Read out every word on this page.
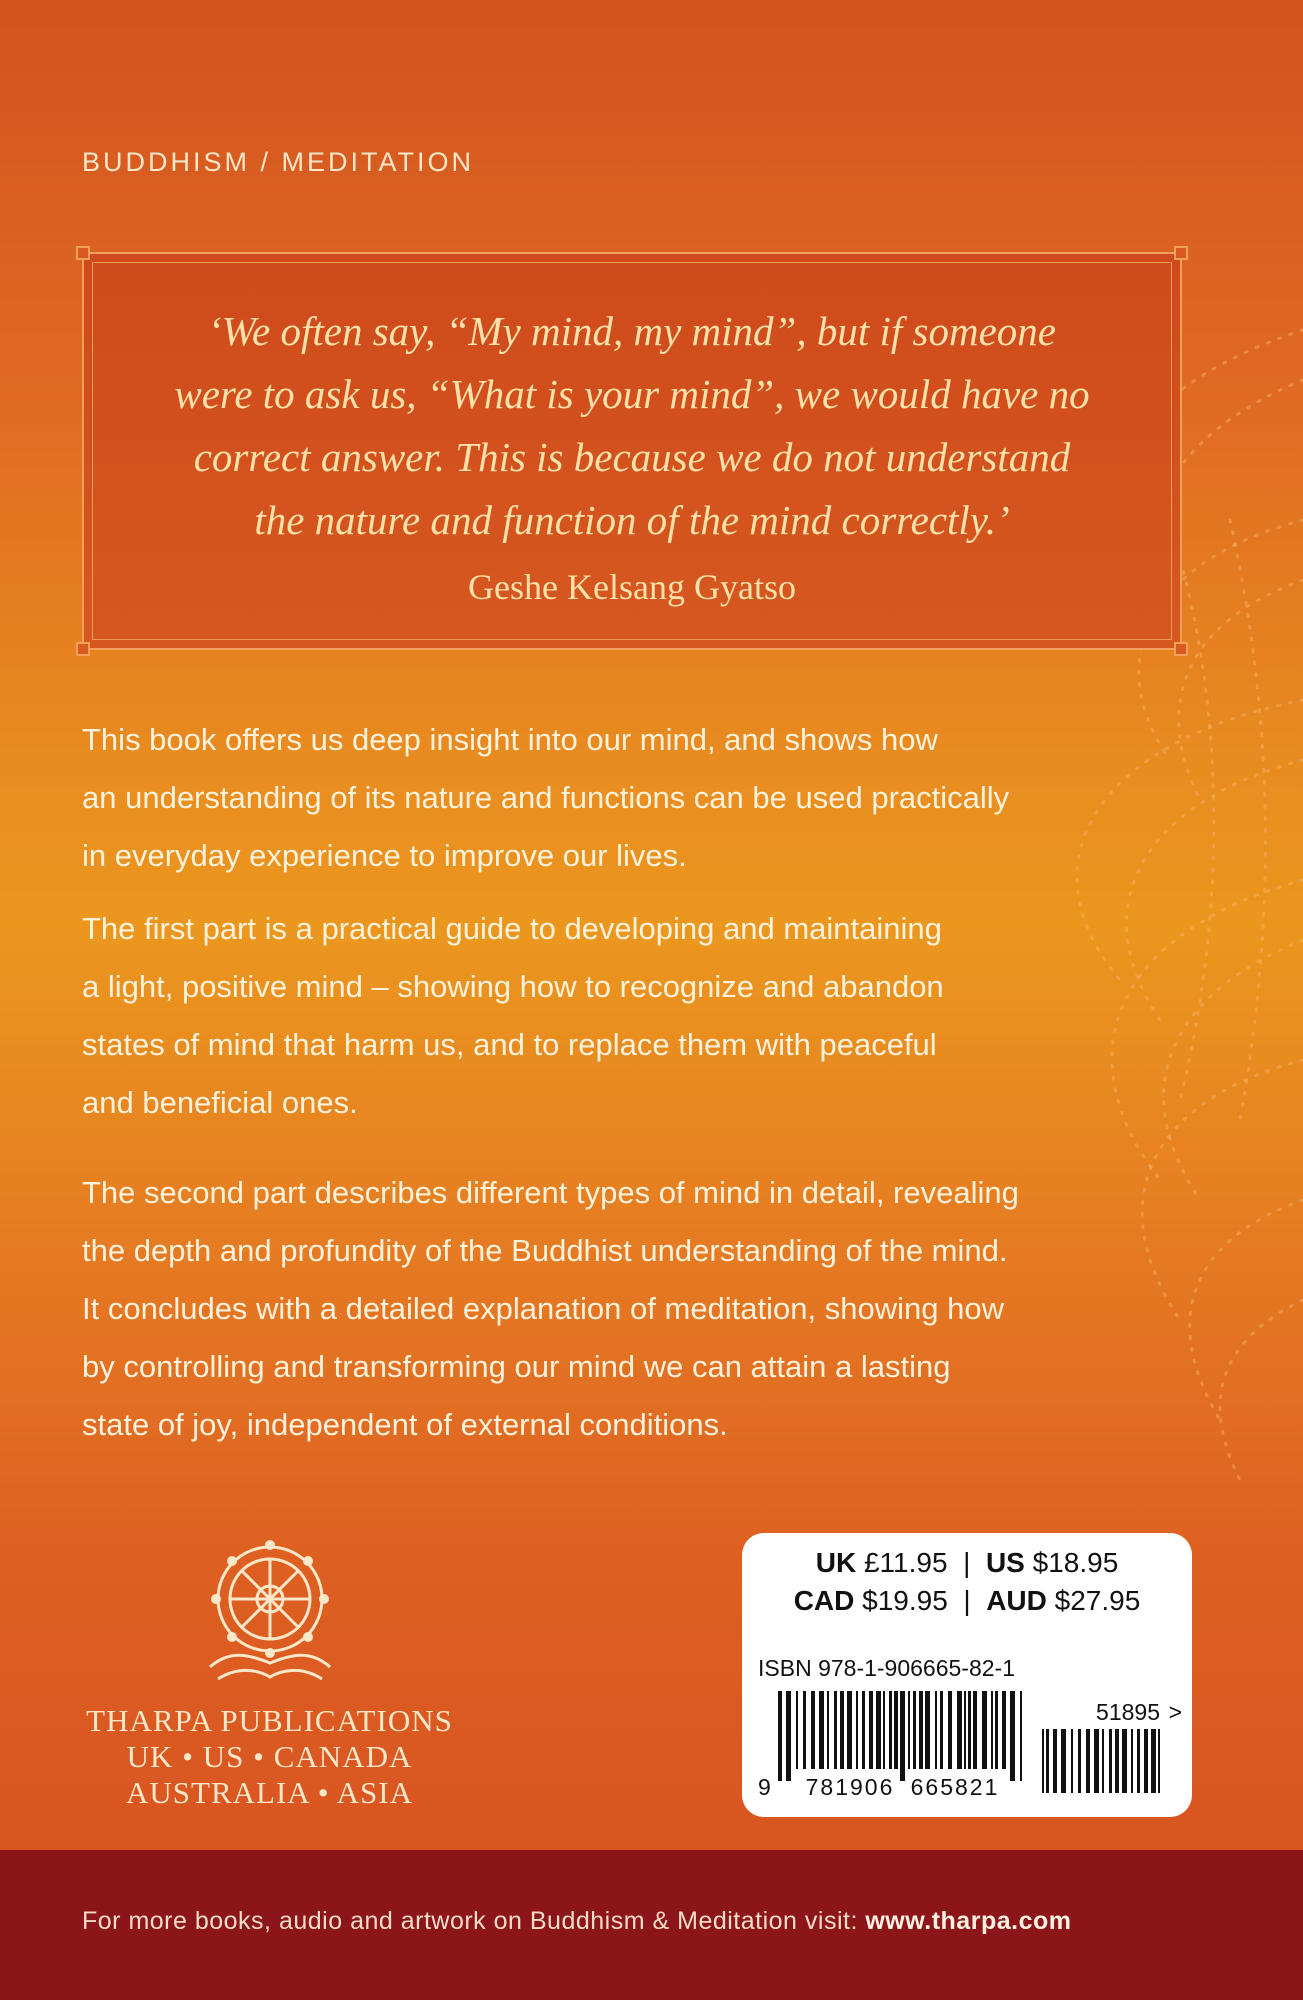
BUDDHISM / MEDITATION
‘We often say, “My mind, my mind”, but if someone
were to ask us, “What is your mind”, we would have no
correct answer. This is because we do not understand
the nature and function of the mind correctly.’
Geshe Kelsang Gyatso
This book offers us deep insight into our mind, and shows how
an understanding of its nature and functions can be used practically
in everyday experience to improve our lives.
The first part is a practical guide to developing and maintaining
a light, positive mind – showing how to recognize and abandon
states of mind that harm us, and to replace them with peaceful
and beneficial ones.
The second part describes different types of mind in detail, revealing
the depth and profundity of the Buddhist understanding of the mind.
It concludes with a detailed explanation of meditation, showing how
by controlling and transforming our mind we can attain a lasting
state of joy, independent of external conditions.
THARPA PUBLICATIONS
UK • US • CANADA
AUSTRALIA • ASIA
UK £11.95 | US $18.95
CAD $19.95 | AUD $27.95
ISBN 978-1-906665-82-1
51895 >
9 781906 665821
For more books, audio and artwork on Buddhism & Meditation visit: www.tharpa.com
